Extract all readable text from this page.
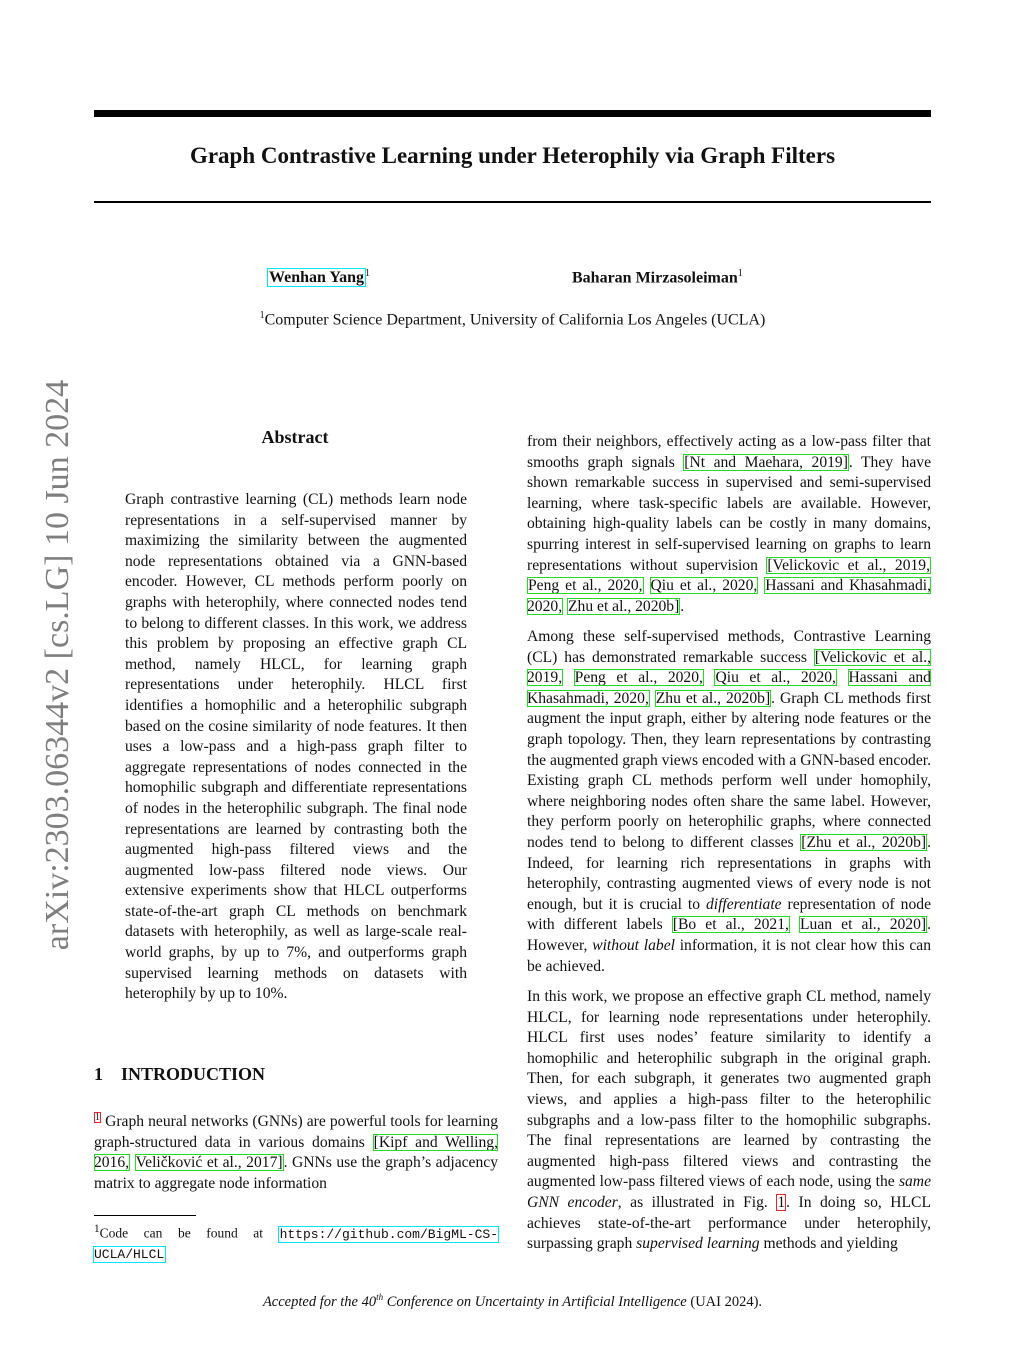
arXiv:2303.06344v2 [cs.LG] 10 Jun 2024
Graph Contrastive Learning under Heterophily via Graph Filters
Wenhan Yang$^1$	Baharan Mirzasoleiman$^1$
$^1$Computer Science Department, University of California Los Angeles (UCLA)
Abstract

Graph contrastive learning (CL) methods learn node representations in a self-supervised manner by maximizing the similarity between the augmented node representations obtained via a GNN-based encoder. However, CL methods perform poorly on graphs with heterophily, where connected nodes tend to belong to different classes. In this work, we address this problem by proposing an effective graph CL method, namely HLCL, for learning graph representations under heterophily. HLCL first identifies a homophilic and a heterophilic subgraph based on the cosine similarity of node features. It then uses a low-pass and a high-pass graph filter to aggregate representations of nodes connected in the homophilic subgraph and differentiate representations of nodes in the heterophilic subgraph. The final node representations are learned by contrasting both the augmented high-pass filtered views and the augmented low-pass filtered node views. Our extensive experiments show that HLCL outperforms state-of-the-art graph CL methods on benchmark datasets with heterophily, as well as large-scale real-world graphs, by up to 7%, and outperforms graph supervised learning methods on datasets with heterophily by up to 10%.

1 INTRODUCTION

$^1$ Graph neural networks (GNNs) are powerful tools for learning graph-structured data in various domains [Kipf and Welling, 2016, Veličković et al., 2017]. GNNs use the graph’s adjacency matrix to aggregate node information

$^1$Code can be found at https://github.com/BigML-CS-UCLA/HLCL

from their neighbors, effectively acting as a low-pass filter that smooths graph signals [Nt and Maehara, 2019]. They have shown remarkable success in supervised and semi-supervised learning, where task-specific labels are available. However, obtaining high-quality labels can be costly in many domains, spurring interest in self-supervised learning on graphs to learn representations without supervision [Velickovic et al., 2019, Peng et al., 2020, Qiu et al., 2020, Hassani and Khasahmadi, 2020, Zhu et al., 2020b].

Among these self-supervised methods, Contrastive Learning (CL) has demonstrated remarkable success [Velickovic et al., 2019, Peng et al., 2020, Qiu et al., 2020, Hassani and Khasahmadi, 2020, Zhu et al., 2020b]. Graph CL methods first augment the input graph, either by altering node features or the graph topology. Then, they learn representations by contrasting the augmented graph views encoded with a GNN-based encoder. Existing graph CL methods perform well under homophily, where neighboring nodes often share the same label. However, they perform poorly on heterophilic graphs, where connected nodes tend to belong to different classes [Zhu et al., 2020b]. Indeed, for learning rich representations in graphs with heterophily, contrasting augmented views of every node is not enough, but it is crucial to differentiate representation of node with different labels [Bo et al., 2021, Luan et al., 2020]. However, without label information, it is not clear how this can be achieved.

In this work, we propose an effective graph CL method, namely HLCL, for learning node representations under heterophily. HLCL first uses nodes’ feature similarity to identify a homophilic and heterophilic subgraph in the original graph. Then, for each subgraph, it generates two augmented graph views, and applies a high-pass filter to the heterophilic subgraphs and a low-pass filter to the homophilic subgraphs. The final representations are learned by contrasting the augmented high-pass filtered views and contrasting the augmented low-pass filtered views of each node, using the same GNN encoder, as illustrated in Fig. 1. In doing so, HLCL achieves state-of-the-art performance under heterophily, surpassing graph supervised learning methods and yielding

Accepted for the 40th Conference on Uncertainty in Artificial Intelligence (UAI 2024).
